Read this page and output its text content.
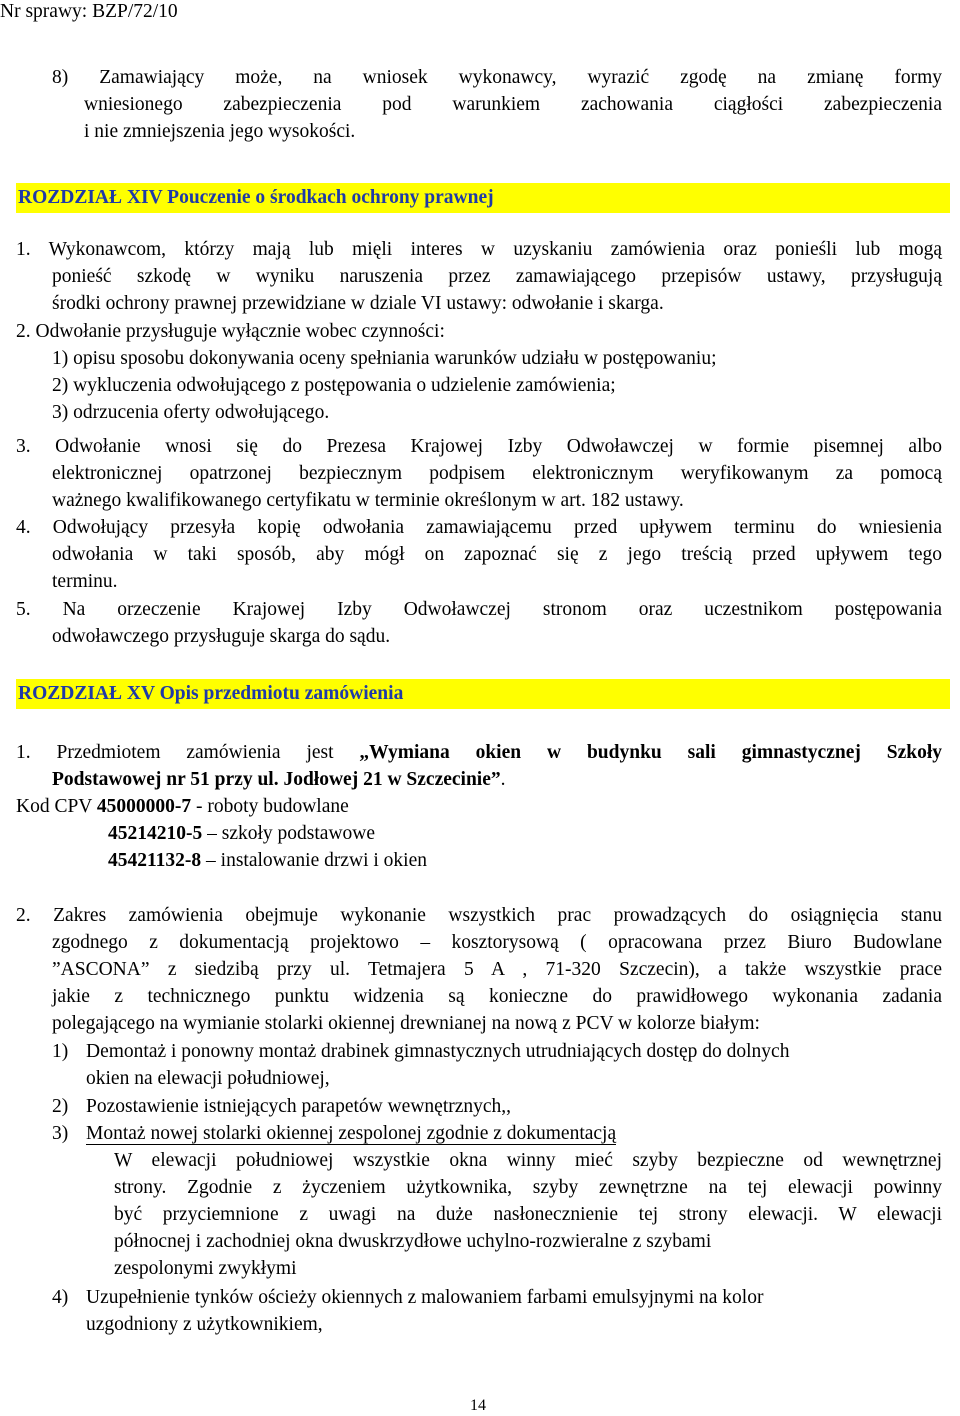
Nr sprawy: BZP/72/10
8) Zamawiający może, na wniosek wykonawcy, wyrazić zgodę na zmianę formy
wniesionego zabezpieczenia pod warunkiem zachowania ciągłości zabezpieczenia
i nie zmniejszenia jego wysokości.
ROZDZIAŁ XIV Pouczenie o środkach ochrony prawnej
1. Wykonawcom, którzy mają lub mięli interes w uzyskaniu zamówienia oraz ponieśli lub mogą
ponieść szkodę w wyniku naruszenia przez zamawiającego przepisów ustawy, przysługują
środki ochrony prawnej przewidziane w dziale VI ustawy: odwołanie i skarga.
2. Odwołanie przysługuje wyłącznie wobec czynności:
1) opisu sposobu dokonywania oceny spełniania warunków udziału w postępowaniu;
2) wykluczenia odwołującego z postępowania o udzielenie zamówienia;
3) odrzucenia oferty odwołującego.
3. Odwołanie wnosi się do Prezesa Krajowej Izby Odwoławczej w formie pisemnej albo
elektronicznej opatrzonej bezpiecznym podpisem elektronicznym weryfikowanym za pomocą
ważnego kwalifikowanego certyfikatu w terminie określonym w art. 182 ustawy.
4. Odwołujący przesyła kopię odwołania zamawiającemu przed upływem terminu do wniesienia
odwołania w taki sposób, aby mógł on zapoznać się z jego treścią przed upływem tego
terminu.
5. Na orzeczenie Krajowej Izby Odwoławczej stronom oraz uczestnikom postępowania
odwoławczego przysługuje skarga do sądu.
ROZDZIAŁ XV Opis przedmiotu zamówienia
1. Przedmiotem zamówienia jest „Wymiana okien w budynku sali gimnastycznej Szkoły
Podstawowej nr 51 przy ul. Jodłowej 21 w Szczecinie”.
Kod CPV 45000000-7 - roboty budowlane
45214210-5 – szkoły podstawowe
45421132-8 – instalowanie drzwi i okien
2. Zakres zamówienia obejmuje wykonanie wszystkich prac prowadzących do osiągnięcia stanu
zgodnego z dokumentacją projektowo – kosztorysową ( opracowana przez Biuro Budowlane
”ASCONA” z siedzibą przy ul. Tetmajera 5 A , 71-320 Szczecin), a także wszystkie prace
jakie z technicznego punktu widzenia są konieczne do prawidłowego wykonania zadania
polegającego na wymianie stolarki okiennej drewnianej na nową z PCV w kolorze białym:
1) Demontaż i ponowny montaż drabinek gimnastycznych utrudniających dostęp do dolnych
okien na elewacji południowej,
2) Pozostawienie istniejących parapetów wewnętrznych,,
3) Montaż nowej stolarki okiennej zespolonej zgodnie z dokumentacją
W elewacji południowej wszystkie okna winny mieć szyby bezpieczne od wewnętrznej
strony. Zgodnie z życzeniem użytkownika, szyby zewnętrzne na tej elewacji powinny
być przyciemnione z uwagi na duże nasłonecznienie tej strony elewacji. W elewacji
północnej i zachodniej okna dwuskrzydłowe uchylno-rozwieralne z szybami
zespolonymi zwykłymi
4) Uzupełnienie tynków ościeży okiennych z malowaniem farbami emulsyjnymi na kolor
uzgodniony z użytkownikiem,
14
